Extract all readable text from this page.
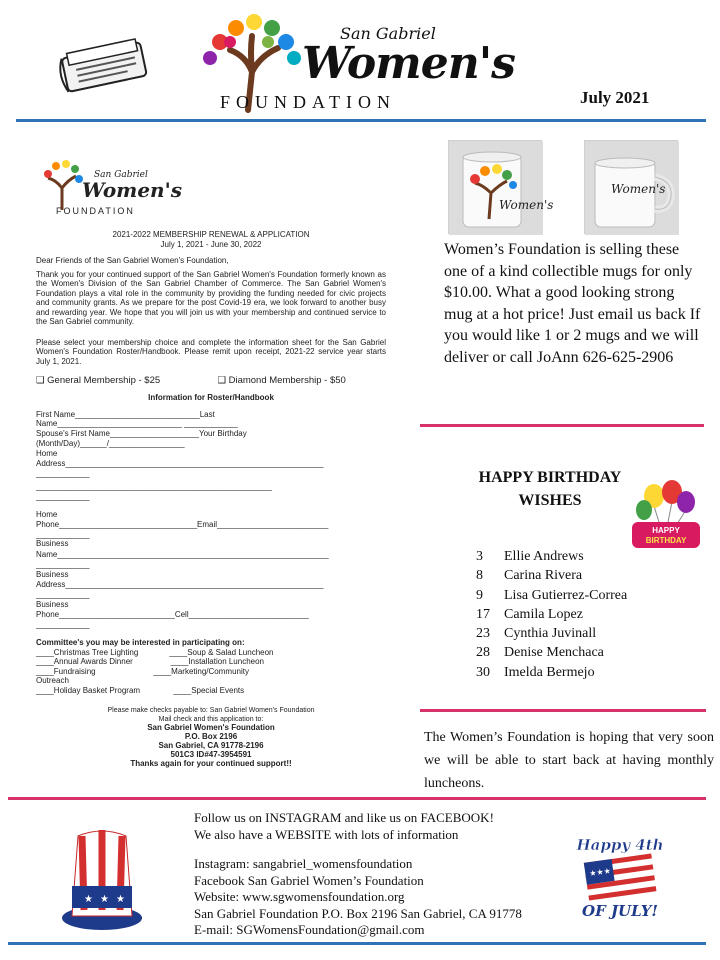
San Gabriel
Women's
FOUNDATION	July 2021
San Gabriel
Women's
FOUNDATION
2021-2022 MEMBERSHIP RENEWAL & APPLICATION
July 1, 2021 - June 30, 2022
Dear Friends of the San Gabriel Women's Foundation,
Thank you for your continued support of the San Gabriel Women's Foundation formerly known as the Women's Division of the San Gabriel Chamber of Commerce. The San Gabriel Women's Foundation plays a vital role in the community by providing the funding needed for civic projects and community grants. As we prepare for the post Covid-19 era, we look forward to another busy and rewarding year. We hope that you will join us with your membership and continued service to the San Gabriel community.
Please select your membership choice and complete the information sheet for the San Gabriel Women's Foundation Roster/Handbook. Please remit upon receipt, 2021-22 service year starts July 1, 2021.
❑ General Membership - $25	❑ Diamond Membership - $50
Information for Roster/Handbook
First Name____________________________Last
Name____________________________ ____________
Spouse's First Name____________________Your Birthday
(Month/Day)______/_________________
Home
Address__________________________________________________________
____________
_____________________________________________________
____________
Home
Phone_______________________________Email_________________________
____________
Business
Name_____________________________________________________________
____________
Business
Address__________________________________________________________
____________
Business
Phone__________________________Cell___________________________
____________
Committee's you may be interested in participating on:
____Christmas Tree Lighting              ____Soup & Salad Luncheon
____Annual Awards Dinner                 ____Installation Luncheon
____Fundraising                          ____Marketing/Community
Outreach
____Holiday Basket Program               ____Special Events
Please make checks payable to: San Gabriel Women's Foundation
Mail check and this application to:
San Gabriel Women's Foundation
P.O. Box 2196
San Gabriel, CA 91778-2196
501C3 ID#47-3954591
Thanks again for your continued support!!
Women's
Women's
Women’s Foundation is selling these one of a kind collectible mugs for only $10.00. What a good looking strong mug at a hot price! Just email us back If you would like 1 or 2 mugs and we will deliver or call JoAnn 626-625-2906
HAPPY BIRTHDAY WISHES
HAPPY
BIRTHDAY
3 Ellie Andrews
8 Carina Rivera
9 Lisa Gutierrez-Correa
17 Camila Lopez
23 Cynthia Juvinall
28 Denise Menchaca
30 Imelda Bermejo
The Women’s Foundation is hoping that very soon we will be able to start back at having monthly luncheons.
★ ★ ★
Follow us on INSTAGRAM and like us on FACEBOOK!
We also have a WEBSITE with lots of information
Instagram: sangabriel_womensfoundation
Facebook San Gabriel Women’s Foundation
Website: www.sgwomensfoundation.org
San Gabriel Foundation P.O. Box 2196 San Gabriel, CA 91778
E-mail: SGWomensFoundation@gmail.com
★★★
Happy 4th
OF JULY!
